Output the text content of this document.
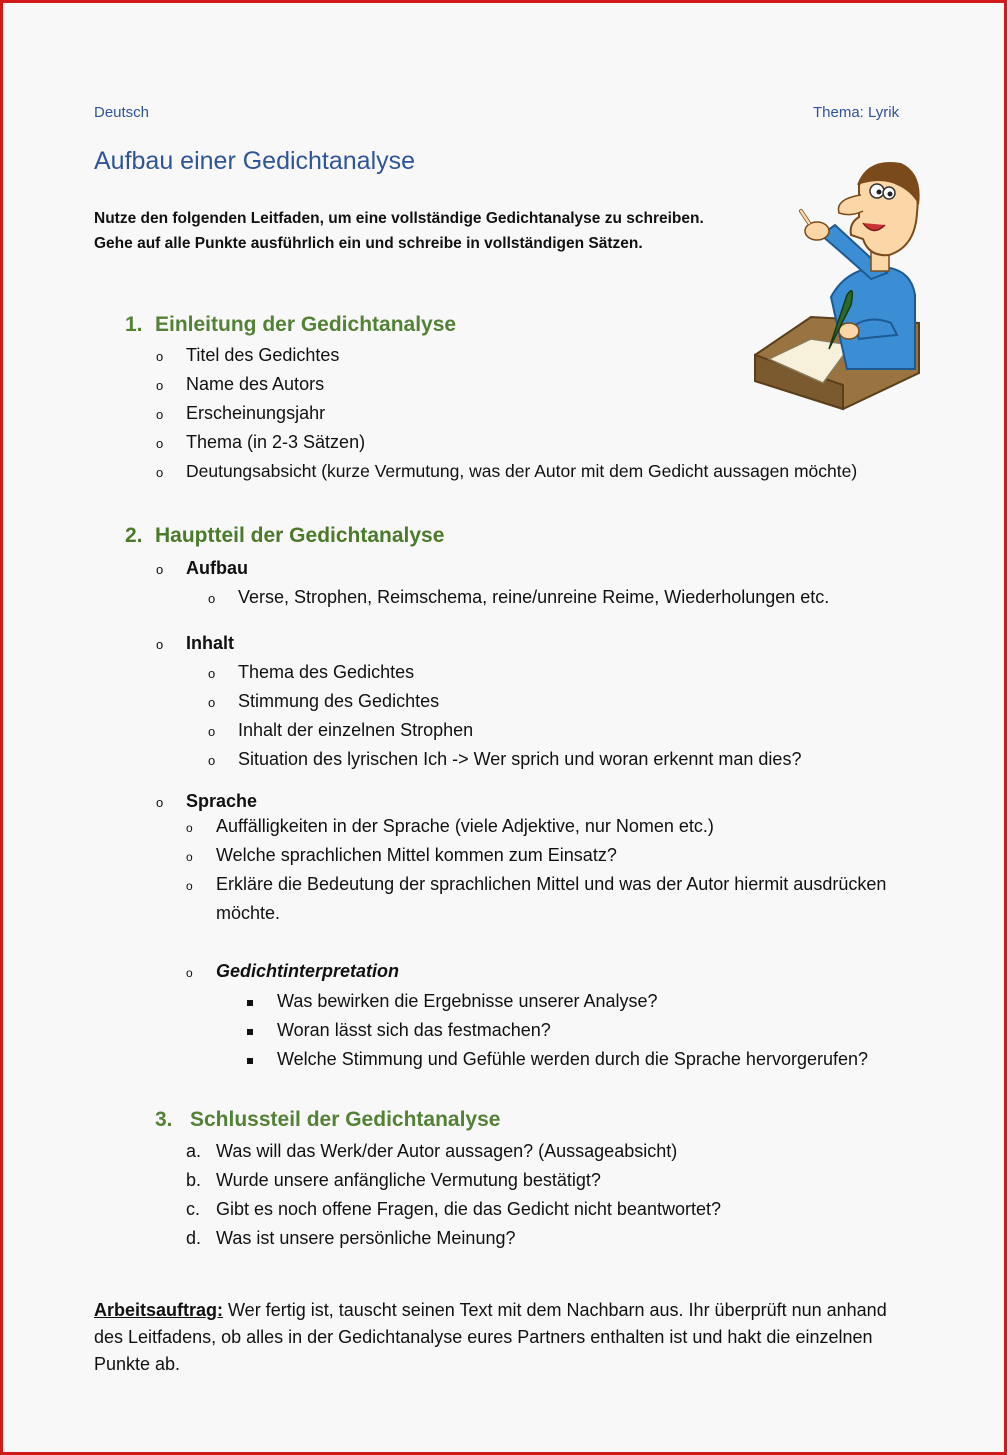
Deutsch	Thema: Lyrik
Aufbau einer Gedichtanalyse
Nutze den folgenden Leitfaden, um eine vollständige Gedichtanalyse zu schreiben.
Gehe auf alle Punkte ausführlich ein und schreibe in vollständigen Sätzen.
1. Einleitung der Gedichtanalyse
o Titel des Gedichtes
o Name des Autors
o Erscheinungsjahr
o Thema (in 2-3 Sätzen)
o Deutungsabsicht (kurze Vermutung, was der Autor mit dem Gedicht aussagen möchte)
2. Hauptteil der Gedichtanalyse
o Aufbau
o Verse, Strophen, Reimschema, reine/unreine Reime, Wiederholungen etc.
o Inhalt
o Thema des Gedichtes
o Stimmung des Gedichtes
o Inhalt der einzelnen Strophen
o Situation des lyrischen Ich -> Wer sprich und woran erkennt man dies?
o Sprache
o Auffälligkeiten in der Sprache (viele Adjektive, nur Nomen etc.)
o Welche sprachlichen Mittel kommen zum Einsatz?
o Erkläre die Bedeutung der sprachlichen Mittel und was der Autor hiermit ausdrücken
möchte.
o Gedichtinterpretation
Was bewirken die Ergebnisse unserer Analyse?
Woran lässt sich das festmachen?
Welche Stimmung und Gefühle werden durch die Sprache hervorgerufen?
3. Schlussteil der Gedichtanalyse
a. Was will das Werk/der Autor aussagen? (Aussageabsicht)
b. Wurde unsere anfängliche Vermutung bestätigt?
c. Gibt es noch offene Fragen, die das Gedicht nicht beantwortet?
d. Was ist unsere persönliche Meinung?
Arbeitsauftrag: Wer fertig ist, tauscht seinen Text mit dem Nachbarn aus. Ihr überprüft nun anhand
des Leitfadens, ob alles in der Gedichtanalyse eures Partners enthalten ist und hakt die einzelnen
Punkte ab.
